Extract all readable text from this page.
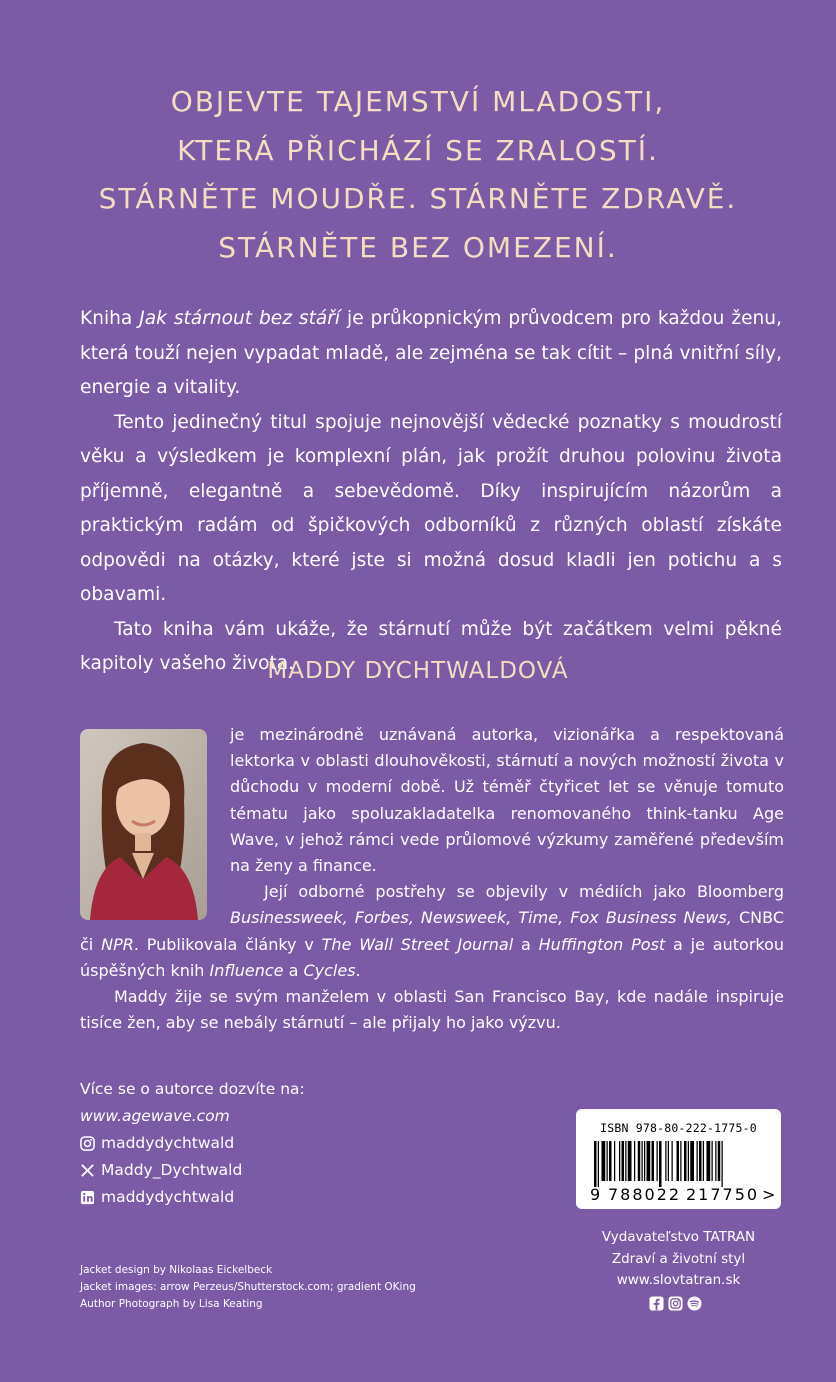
OBJEVTE TAJEMSTVÍ MLADOSTI,
KTERÁ PŘICHÁZÍ SE ZRALOSTÍ.
STÁRNĚTE MOUDŘE. STÁRNĚTE ZDRAVĚ.
STÁRNĚTE BEZ OMEZENÍ.

Kniha Jak stárnout bez stáří je průkopnickým průvodcem pro každou ženu, která touží nejen vypadat mladě, ale zejména se tak cítit – plná vnitřní síly, energie a vitality.

Tento jedinečný titul spojuje nejnovější vědecké poznatky s moudrostí věku a výsledkem je komplexní plán, jak prožít druhou polovinu života příjemně, elegantně a sebevědomě. Díky inspirujícím názorům a praktickým radám od špičkových odborníků z různých oblastí získáte odpovědi na otázky, které jste si možná dosud kladli jen potichu a s obavami.

Tato kniha vám ukáže, že stárnutí může být začátkem velmi pěkné kapitoly vašeho života.

MADDY DYCHTWALDOVÁ

je mezinárodně uznávaná autorka, vizionářka a respektovaná lektorka v oblasti dlouhověkosti, stárnutí a nových možností života v důchodu v moderní době. Už téměř čtyřicet let se věnuje tomuto tématu jako spoluzakladatelka renomovaného think-tanku Age Wave, v jehož rámci vede průlomové výzkumy zaměřené především na ženy a finance.

Její odborné postřehy se objevily v médiích jako Bloomberg Businessweek, Forbes, Newsweek, Time, Fox Business News, CNBC či NPR. Publikovala články v The Wall Street Journal a Huffington Post a je autorkou úspěšných knih Influence a Cycles.

Maddy žije se svým manželem v oblasti San Francisco Bay, kde nadále inspiruje tisíce žen, aby se nebály stárnutí – ale přijaly ho jako výzvu.

Více se o autorce dozvíte na:
www.agewave.com
maddydychtwald
Maddy_Dychtwald
maddydychtwald
Jacket design by Nikolaas Eickelbeck
Jacket images: arrow Perzeus/Shutterstock.com; gradient OKing
Author Photograph by Lisa Keating
ISBN 978-80-222-1775-0
9 788022 217750 >
Vydavateľstvo TATRAN
Zdraví a životní styl
www.slovtatran.sk
